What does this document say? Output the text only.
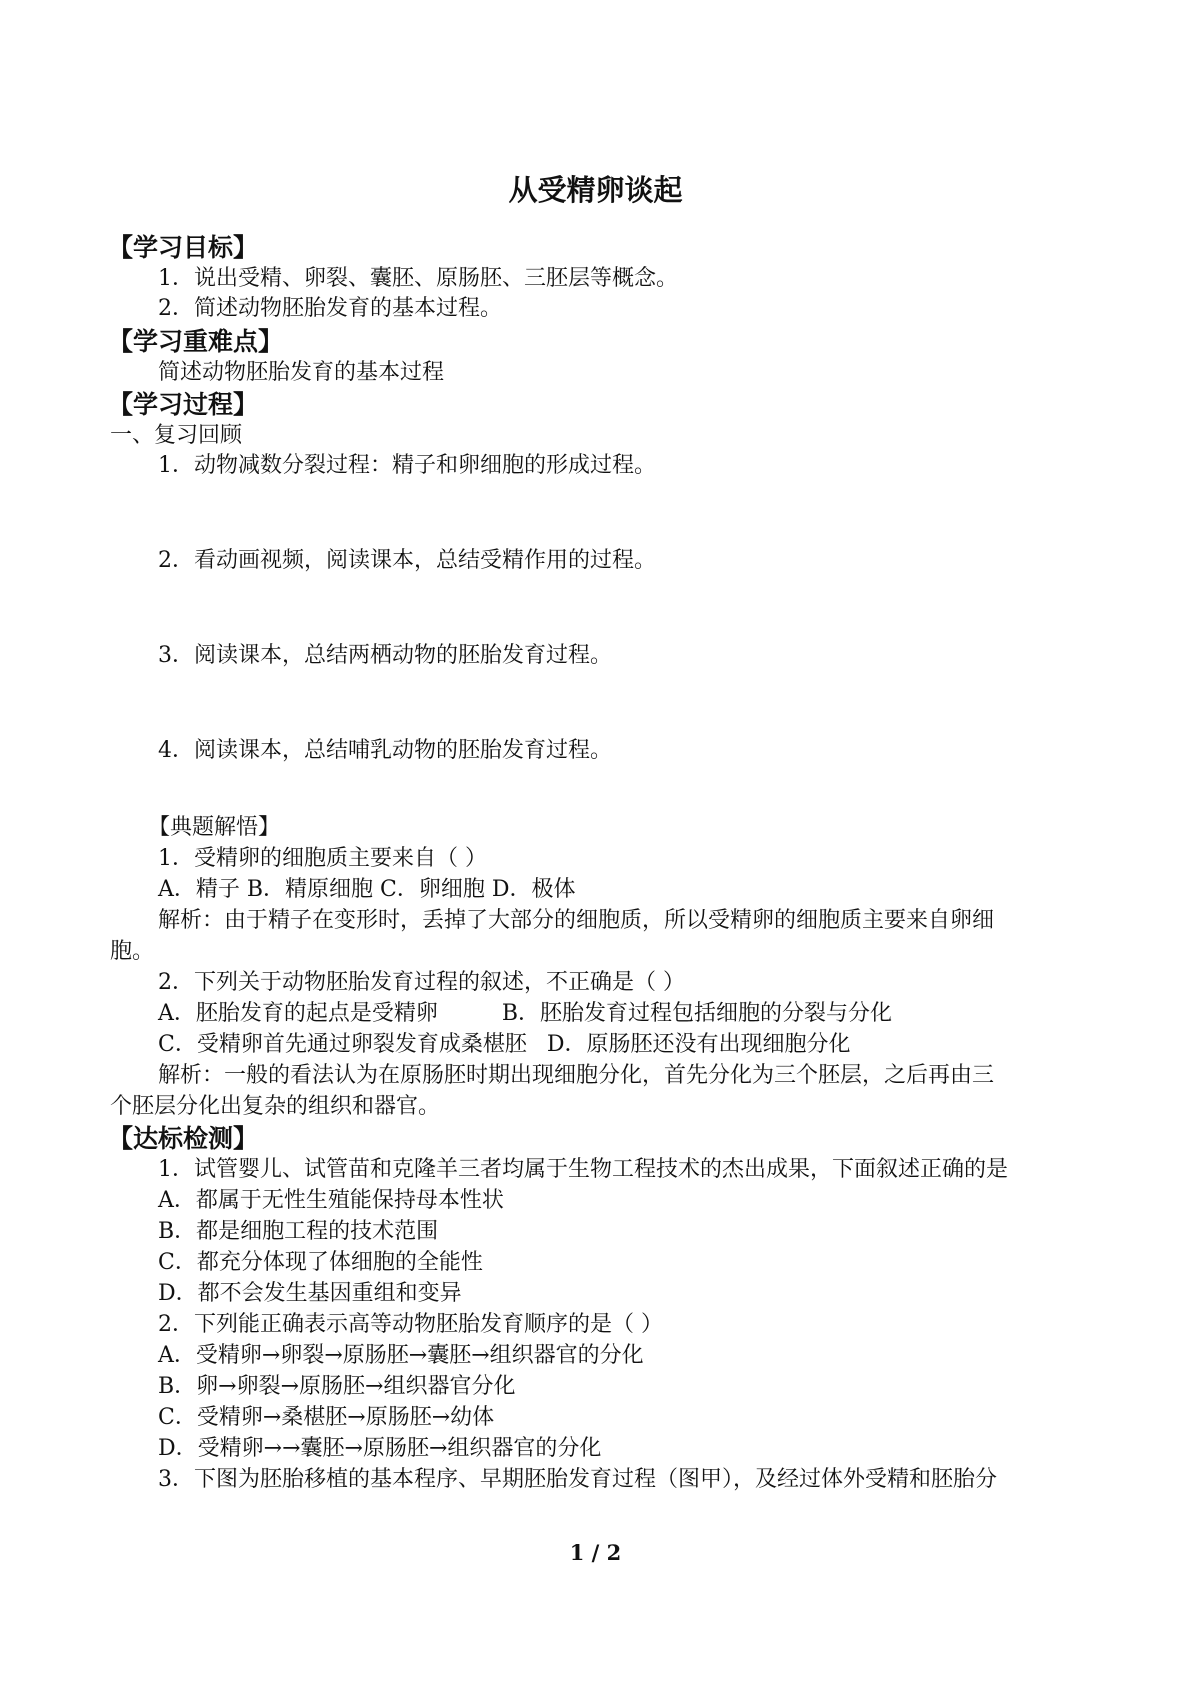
从受精卵谈起
【学习目标】
1．说出受精、卵裂、囊胚、原肠胚、三胚层等概念。
2．简述动物胚胎发育的基本过程。
【学习重难点】
简述动物胚胎发育的基本过程
【学习过程】
一、复习回顾
1．动物减数分裂过程：精子和卵细胞的形成过程。
2．看动画视频，阅读课本，总结受精作用的过程。
3．阅读课本，总结两栖动物的胚胎发育过程。
4．阅读课本，总结哺乳动物的胚胎发育过程。
【典题解悟】
1．受精卵的细胞质主要来自（ ）
A．精子 B．精原细胞 C．卵细胞 D．极体
解析：由于精子在变形时，丢掉了大部分的细胞质，所以受精卵的细胞质主要来自卵细
胞。
2．下列关于动物胚胎发育过程的叙述，不正确是（ ）
A．胚胎发育的起点是受精卵	B．胚胎发育过程包括细胞的分裂与分化
C．受精卵首先通过卵裂发育成桑椹胚 D．原肠胚还没有出现细胞分化
解析：一般的看法认为在原肠胚时期出现细胞分化，首先分化为三个胚层，之后再由三
个胚层分化出复杂的组织和器官。
【达标检测】
1．试管婴儿、试管苗和克隆羊三者均属于生物工程技术的杰出成果，下面叙述正确的是
A．都属于无性生殖能保持母本性状
B．都是细胞工程的技术范围
C．都充分体现了体细胞的全能性
D．都不会发生基因重组和变异
2．下列能正确表示高等动物胚胎发育顺序的是（ ）
A．受精卵→卵裂→原肠胚→囊胚→组织器官的分化
B．卵→卵裂→原肠胚→组织器官分化
C．受精卵→桑椹胚→原肠胚→幼体
D．受精卵→→囊胚→原肠胚→组织器官的分化
3．下图为胚胎移植的基本程序、早期胚胎发育过程（图甲），及经过体外受精和胚胎分
1 / 2
